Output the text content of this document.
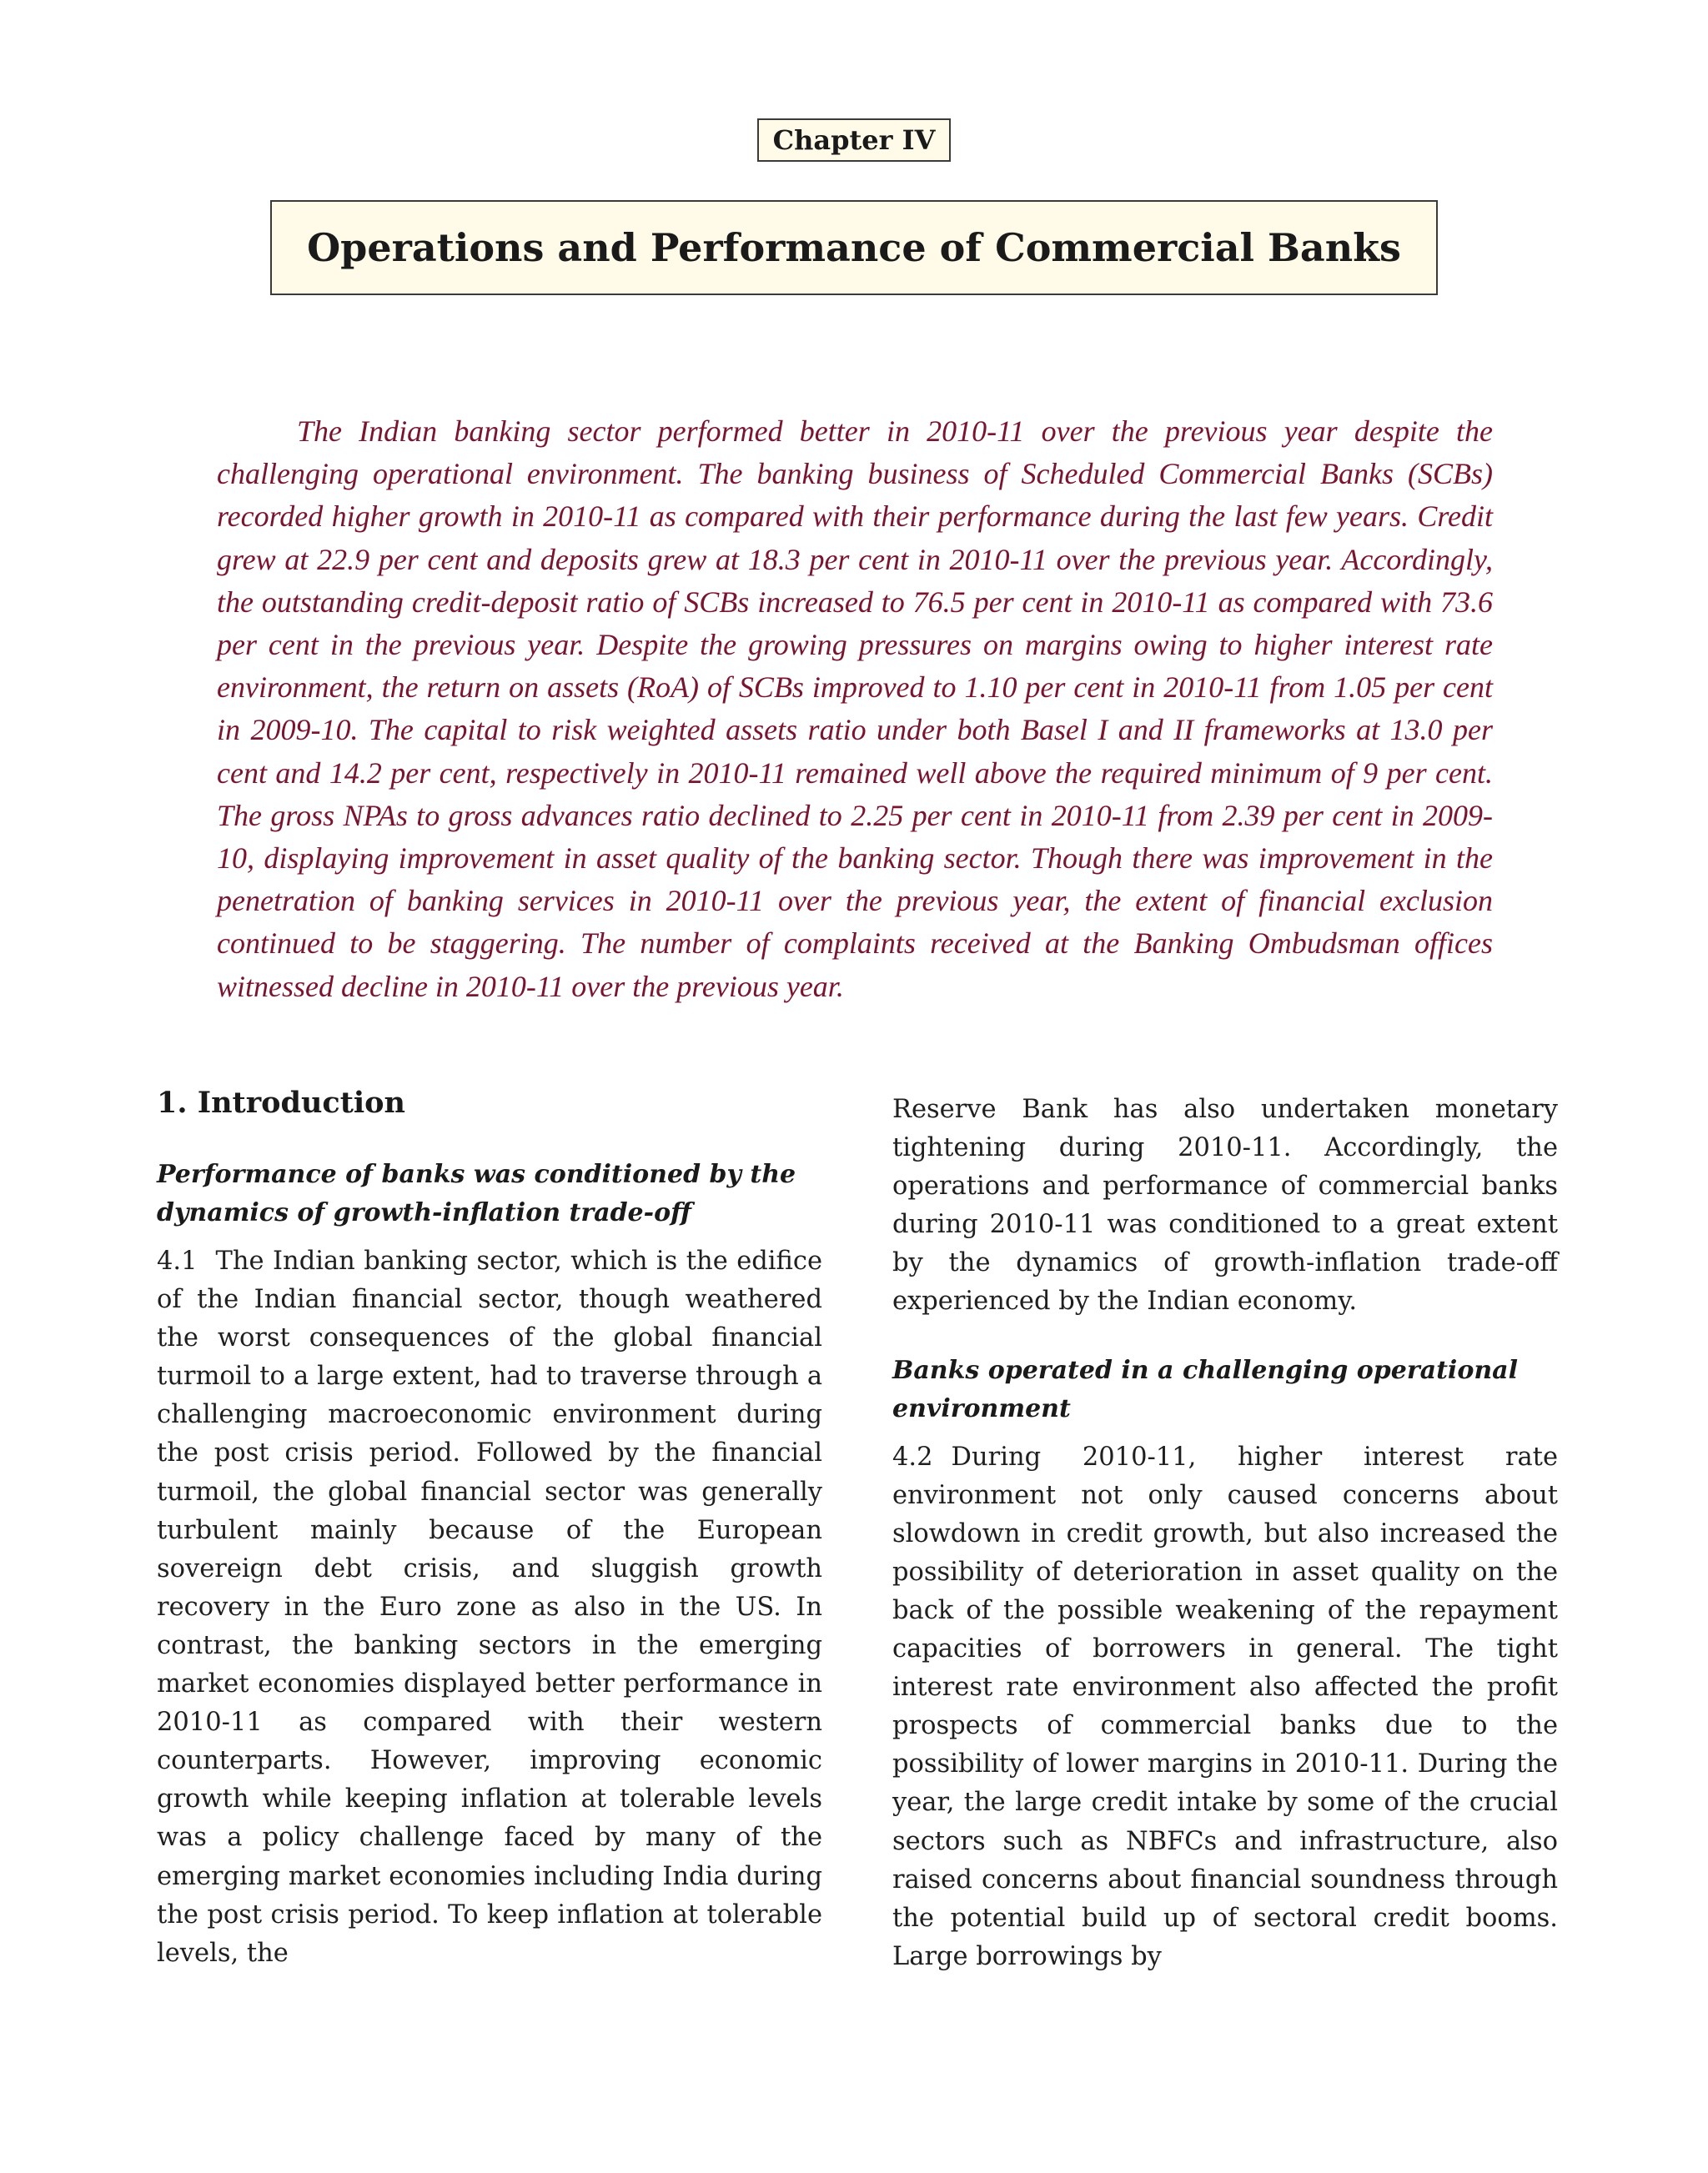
Chapter IV
Operations and Performance of Commercial Banks

The Indian banking sector performed better in 2010-11 over the previous year despite the challenging operational environment. The banking business of Scheduled Commercial Banks (SCBs) recorded higher growth in 2010-11 as compared with their performance during the last few years. Credit grew at 22.9 per cent and deposits grew at 18.3 per cent in 2010-11 over the previous year. Accordingly, the outstanding credit-deposit ratio of SCBs increased to 76.5 per cent in 2010-11 as compared with 73.6 per cent in the previous year. Despite the growing pressures on margins owing to higher interest rate environment, the return on assets (RoA) of SCBs improved to 1.10 per cent in 2010-11 from 1.05 per cent in 2009-10. The capital to risk weighted assets ratio under both Basel I and II frameworks at 13.0 per cent and 14.2 per cent, respectively in 2010-11 remained well above the required minimum of 9 per cent. The gross NPAs to gross advances ratio declined to 2.25 per cent in 2010-11 from 2.39 per cent in 2009-10, displaying improvement in asset quality of the banking sector. Though there was improvement in the penetration of banking services in 2010-11 over the previous year, the extent of financial exclusion continued to be staggering. The number of complaints received at the Banking Ombudsman offices witnessed decline in 2010-11 over the previous year.

1. Introduction
Performance of banks was conditioned by the dynamics of growth-inflation trade-off

4.1 The Indian banking sector, which is the edifice of the Indian financial sector, though weathered the worst consequences of the global financial turmoil to a large extent, had to traverse through a challenging macroeconomic environment during the post crisis period. Followed by the financial turmoil, the global financial sector was generally turbulent mainly because of the European sovereign debt crisis, and sluggish growth recovery in the Euro zone as also in the US. In contrast, the banking sectors in the emerging market economies displayed better performance in 2010-11 as compared with their western counterparts. However, improving economic growth while keeping inflation at tolerable levels was a policy challenge faced by many of the emerging market economies including India during the post crisis period. To keep inflation at tolerable levels, the

Reserve Bank has also undertaken monetary tightening during 2010-11. Accordingly, the operations and performance of commercial banks during 2010-11 was conditioned to a great extent by the dynamics of growth-inflation trade-off experienced by the Indian economy.

Banks operated in a challenging operational environment

4.2 During 2010-11, higher interest rate environment not only caused concerns about slowdown in credit growth, but also increased the possibility of deterioration in asset quality on the back of the possible weakening of the repayment capacities of borrowers in general. The tight interest rate environment also affected the profit prospects of commercial banks due to the possibility of lower margins in 2010-11. During the year, the large credit intake by some of the crucial sectors such as NBFCs and infrastructure, also raised concerns about financial soundness through the potential build up of sectoral credit booms. Large borrowings by
